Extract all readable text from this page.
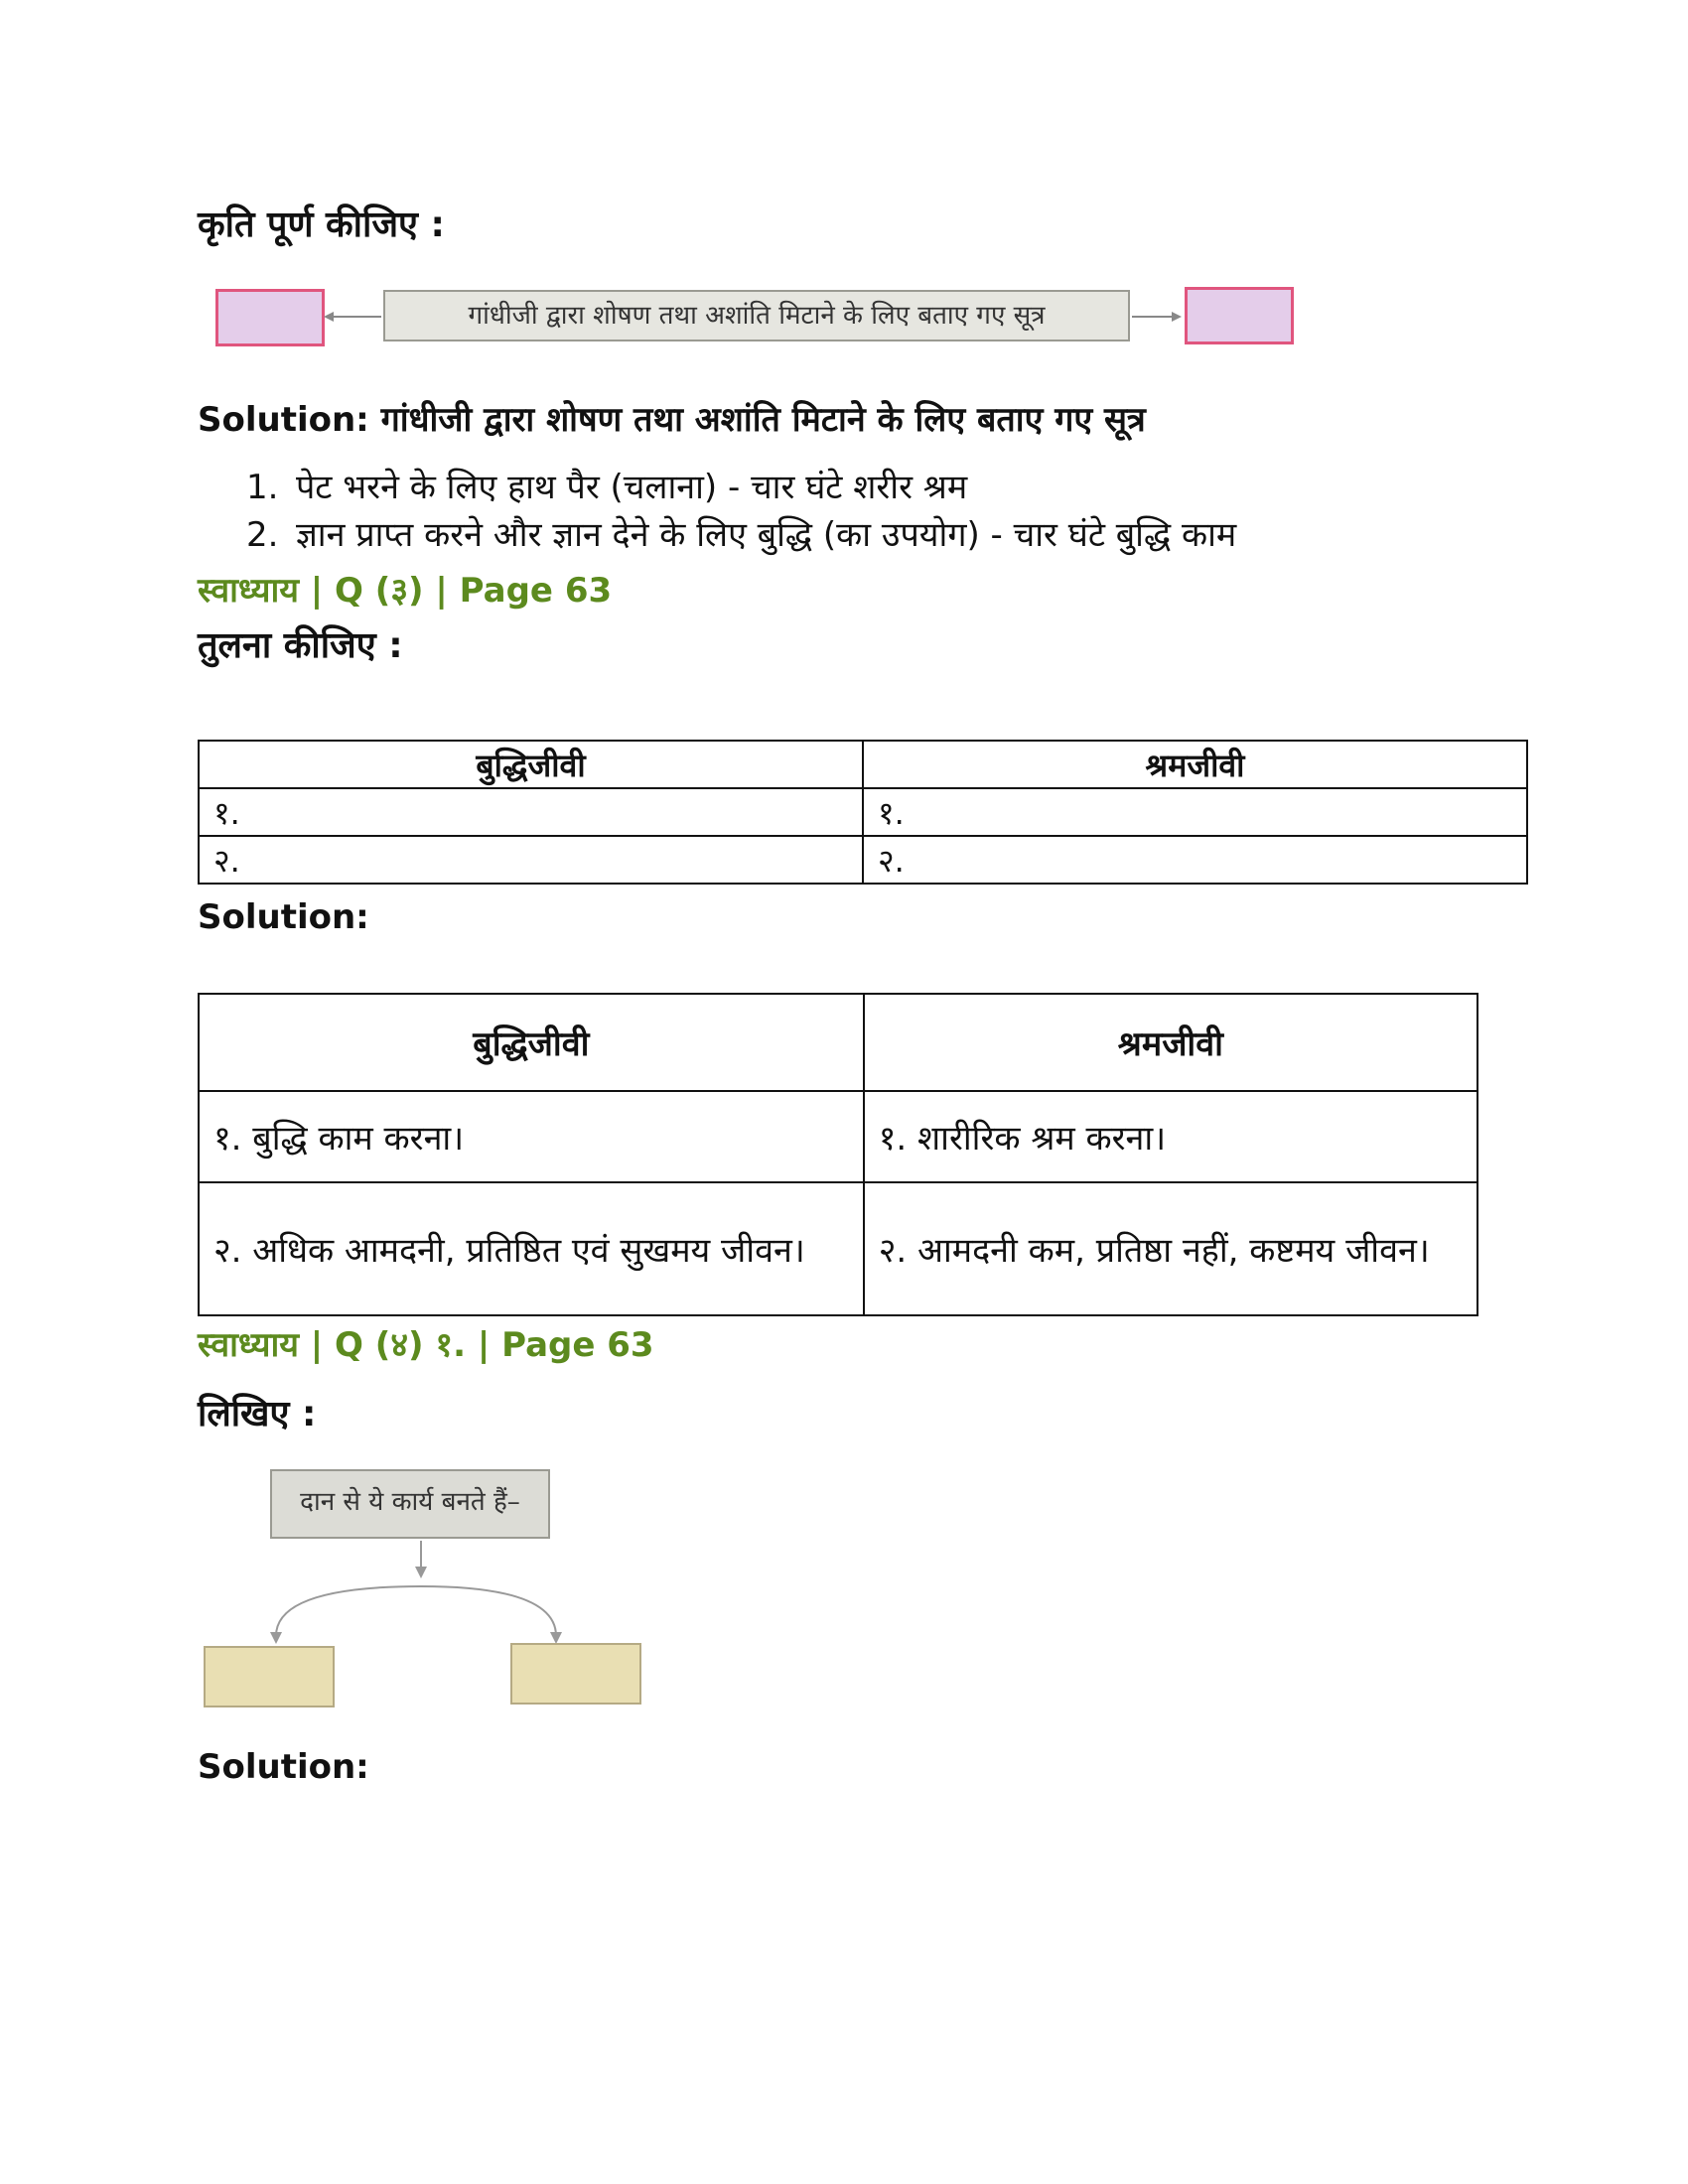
कृति पूर्ण कीजिए :
गांधीजी द्वारा शोषण तथा अशांति मिटाने के लिए बताए गए सूत्र
Solution: गांधीजी द्वारा शोषण तथा अशांति मिटाने के लिए बताए गए सूत्र
1. पेट भरने के लिए हाथ पैर (चलाना) - चार घंटे शरीर श्रम
2. ज्ञान प्राप्त करने और ज्ञान देने के लिए बुद्धि (का उपयोग) - चार घंटे बुद्धि काम
स्वाध्याय | Q (३) | Page 63
तुलना कीजिए :
बुद्धिजीवी	श्रमजीवी
१.	१.
२.	२.
Solution:
बुद्धिजीवी	श्रमजीवी
१. बुद्धि काम करना।	१. शारीरिक श्रम करना।
२. अधिक आमदनी, प्रतिष्ठित एवं सुखमय जीवन।	२. आमदनी कम, प्रतिष्ठा नहीं, कष्टमय जीवन।
स्वाध्याय | Q (४) १. | Page 63
लिखिए :
दान से ये कार्य बनते हैं–
Solution:
